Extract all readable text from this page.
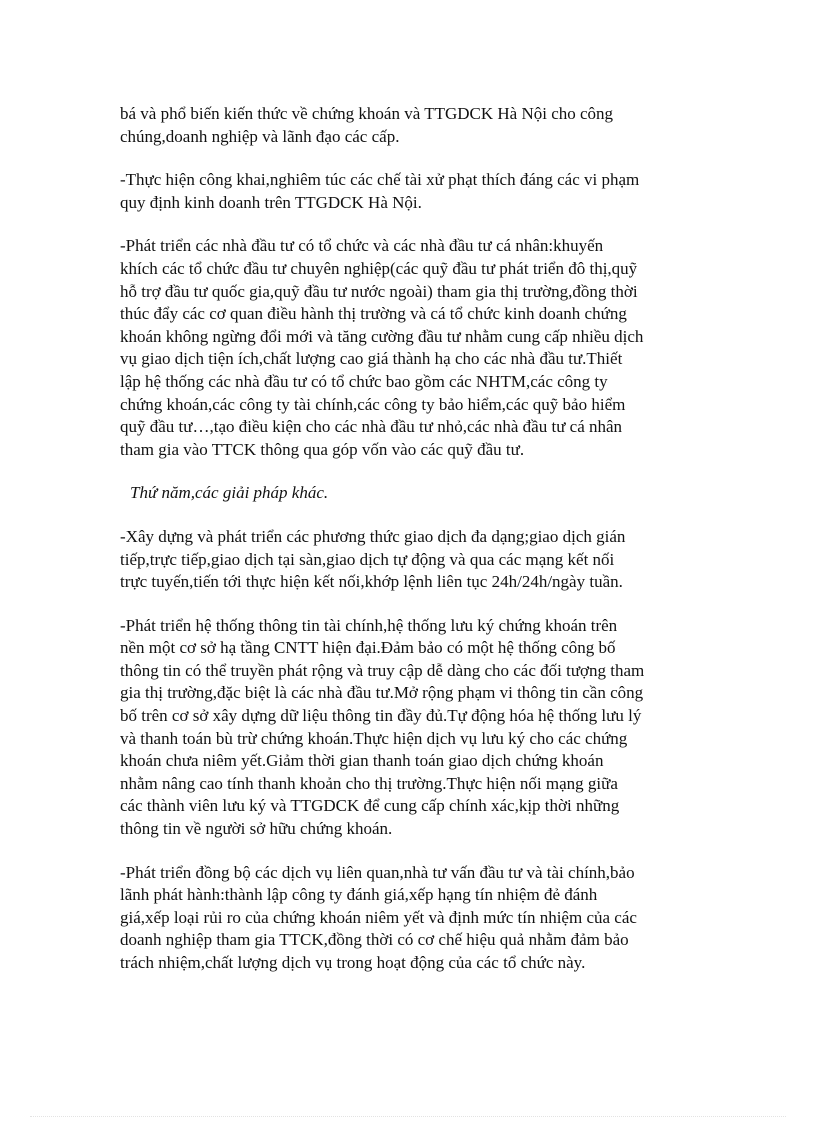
bá và phổ biến kiến thức về chứng khoán và TTGDCK Hà Nội cho công
chúng,doanh nghiệp và lãnh đạo các cấp.

-Thực hiện công khai,nghiêm túc các chế tài xử phạt thích đáng các vi phạm
quy định kinh doanh trên TTGDCK Hà Nội.

-Phát triển các nhà đầu tư có tổ chức và các nhà đầu tư cá nhân:khuyến
khích các tổ chức đầu tư chuyên nghiệp(các quỹ đầu tư phát triển đô thị,quỹ
hỗ trợ đầu tư quốc gia,quỹ đầu tư nước ngoài) tham gia thị trường,đồng thời
thúc đẩy các cơ quan điều hành thị trường và cá tổ chức kinh doanh chứng
khoán không ngừng đổi mới và tăng cường đầu tư nhằm cung cấp nhiều dịch
vụ giao dịch tiện ích,chất lượng cao giá thành hạ cho các nhà đầu tư.Thiết
lập hệ thống các nhà đầu tư có tổ chức bao gồm các NHTM,các công ty
chứng khoán,các công ty tài chính,các công ty bảo hiểm,các quỹ bảo hiểm
quỹ đầu tư…,tạo điều kiện cho các nhà đầu tư nhỏ,các nhà đầu tư cá nhân
tham gia vào TTCK thông qua góp vốn vào các quỹ đầu tư.

Thứ năm,các giải pháp khác.

-Xây dựng và phát triển các phương thức giao dịch đa dạng;giao dịch gián
tiếp,trực tiếp,giao dịch tại sàn,giao dịch tự động và qua các mạng kết nối
trực tuyến,tiến tới thực hiện kết nối,khớp lệnh liên tục 24h/24h/ngày tuần.

-Phát triển hệ thống thông tin tài chính,hệ thống lưu ký chứng khoán trên
nền một cơ sở hạ tầng CNTT hiện đại.Đảm bảo có một hệ thống công bố
thông tin có thể truyền phát rộng và truy cập dễ dàng cho các đối tượng tham
gia thị trường,đặc biệt là các nhà đầu tư.Mở rộng phạm vi thông tin cần công
bố trên cơ sở xây dựng dữ liệu thông tin đầy đủ.Tự động hóa hệ thống lưu lý
và thanh toán bù trừ chứng khoán.Thực hiện dịch vụ lưu ký cho các chứng
khoán chưa niêm yết.Giảm thời gian thanh toán giao dịch chứng khoán
nhằm nâng cao tính thanh khoản cho thị trường.Thực hiện nối mạng giữa
các thành viên lưu ký và TTGDCK để cung cấp chính xác,kịp thời những
thông tin về người sở hữu chứng khoán.

-Phát triển đồng bộ các dịch vụ liên quan,nhà tư vấn đầu tư và tài chính,bảo
lãnh phát hành:thành lập công ty đánh giá,xếp hạng tín nhiệm đẻ đánh
giá,xếp loại rủi ro của chứng khoán niêm yết và định mức tín nhiệm của các
doanh nghiệp tham gia TTCK,đồng thời có cơ chế hiệu quả nhằm đảm bảo
trách nhiệm,chất lượng dịch vụ trong hoạt động của các tổ chức này.
